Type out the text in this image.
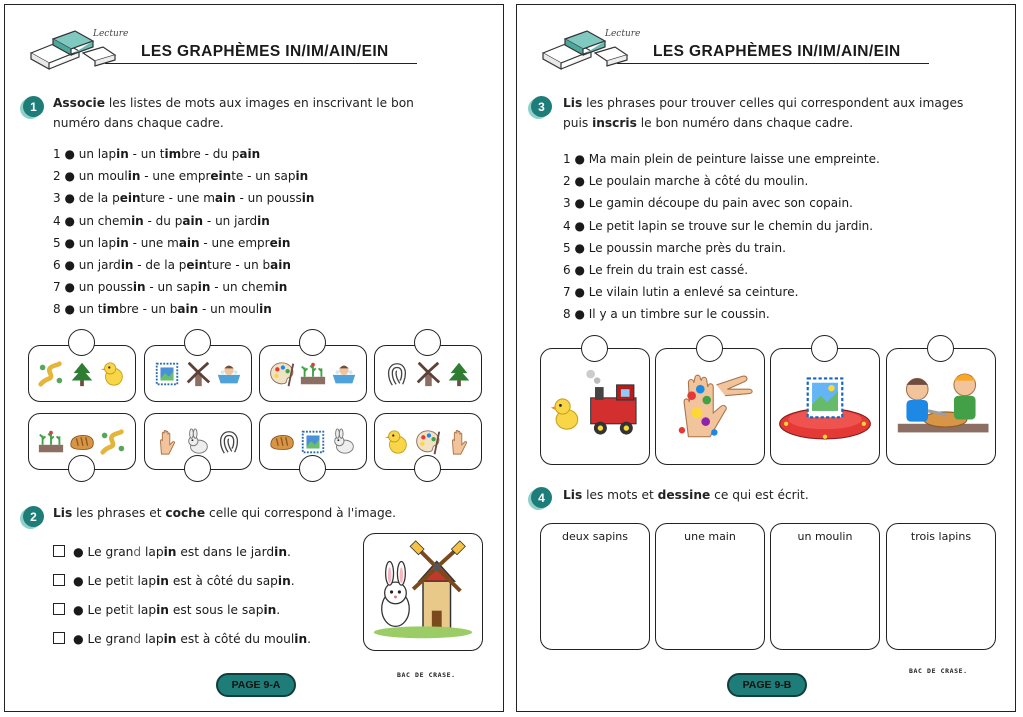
Lecture
LES GRAPHÈMES IN/IM/AIN/EIN
1	Associe les listes de mots aux images en inscrivant le bon numéro dans chaque cadre.
1 ● un lapin - un timbre - du pain
2 ● un moulin - une empreinte - un sapin
3 ● de la peinture - une main - un poussin
4 ● un chemin - du pain - un jardin
5 ● un lapin - une main - une emprein
6 ● un jardin - de la peinture - un bain
7 ● un poussin - un sapin - un chemin
8 ● un timbre - un bain - un moulin
2	Lis les phrases et coche celle qui correspond à l'image.
● Le grand lapin est dans le jardin.
● Le petit lapin est à côté du sapin.
● Le petit lapin est sous le sapin.
● Le grand lapin est à côté du moulin.
BAC DE CRASE.
PAGE 9-A
Lecture
LES GRAPHÈMES IN/IM/AIN/EIN
3	Lis les phrases pour trouver celles qui correspondent aux images puis inscris le bon numéro dans chaque cadre.
1 ● Ma main plein de peinture laisse une empreinte.
2 ● Le poulain marche à côté du moulin.
3 ● Le gamin découpe du pain avec son copain.
4 ● Le petit lapin se trouve sur le chemin du jardin.
5 ● Le poussin marche près du train.
6 ● Le frein du train est cassé.
7 ● Le vilain lutin a enlevé sa ceinture.
8 ● Il y a un timbre sur le coussin.
4	Lis les mots et dessine ce qui est écrit.
deux sapins	une main	un moulin	trois lapins
BAC DE CRASE.
PAGE 9-B
